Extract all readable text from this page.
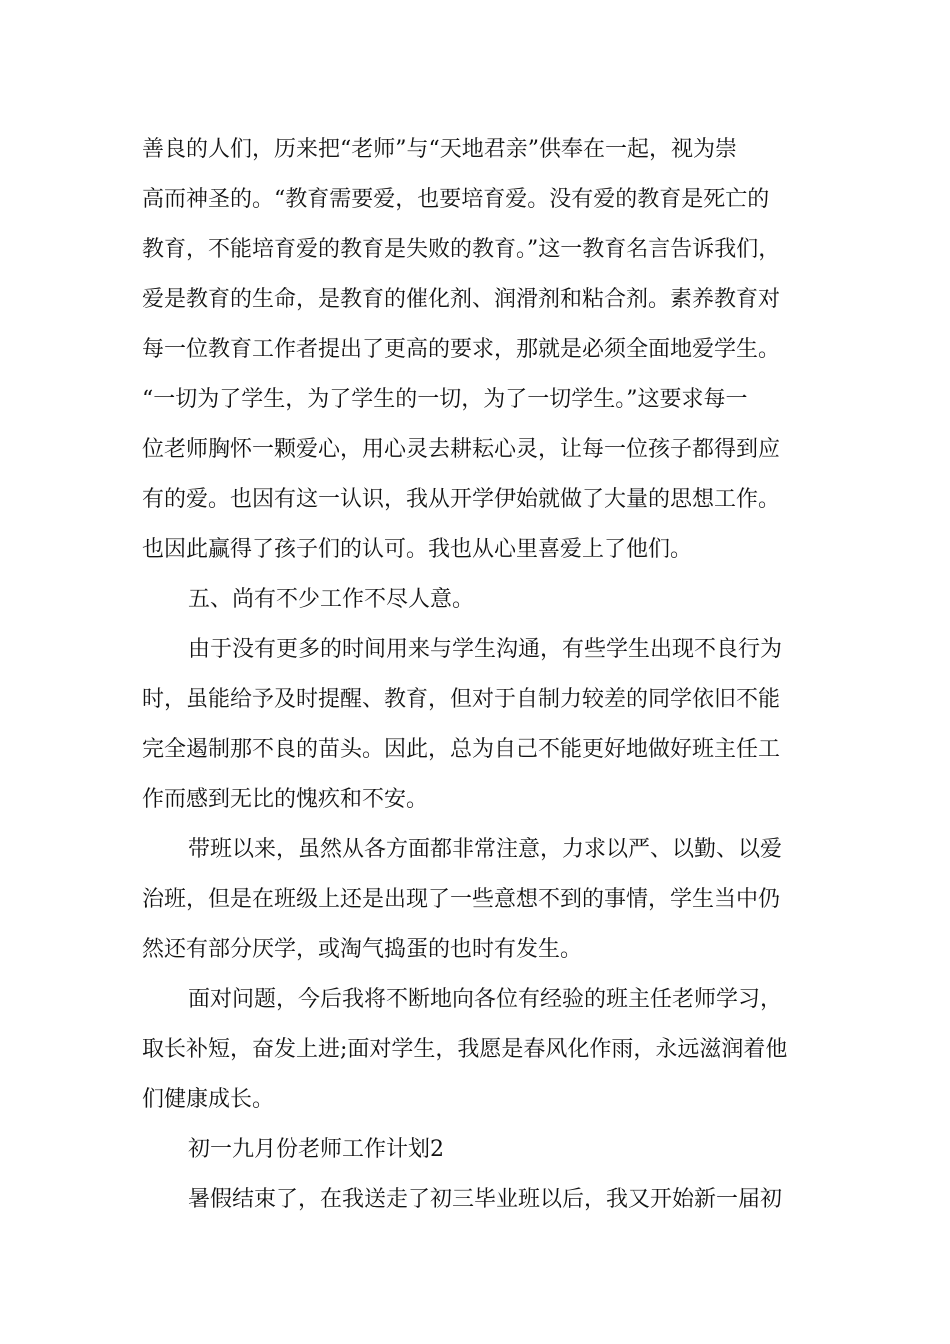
善良的人们，历来把“老师”与“天地君亲”供奉在一起，视为崇
高而神圣的。“教育需要爱，也要培育爱。没有爱的教育是死亡的
教育，不能培育爱的教育是失败的教育。”这一教育名言告诉我们，
爱是教育的生命，是教育的催化剂、润滑剂和粘合剂。素养教育对
每一位教育工作者提出了更高的要求，那就是必须全面地爱学生。
“一切为了学生，为了学生的一切，为了一切学生。”这要求每一
位老师胸怀一颗爱心，用心灵去耕耘心灵，让每一位孩子都得到应
有的爱。也因有这一认识，我从开学伊始就做了大量的思想工作。
也因此赢得了孩子们的认可。我也从心里喜爱上了他们。
五、尚有不少工作不尽人意。
由于没有更多的时间用来与学生沟通，有些学生出现不良行为
时，虽能给予及时提醒、教育，但对于自制力较差的同学依旧不能
完全遏制那不良的苗头。因此，总为自己不能更好地做好班主任工
作而感到无比的愧疚和不安。
带班以来，虽然从各方面都非常注意，力求以严、以勤、以爱
治班，但是在班级上还是出现了一些意想不到的事情，学生当中仍
然还有部分厌学，或淘气捣蛋的也时有发生。
面对问题，今后我将不断地向各位有经验的班主任老师学习，
取长补短，奋发上进;面对学生，我愿是春风化作雨，永远滋润着他
们健康成长。
初一九月份老师工作计划2
暑假结束了，在我送走了初三毕业班以后，我又开始新一届初
